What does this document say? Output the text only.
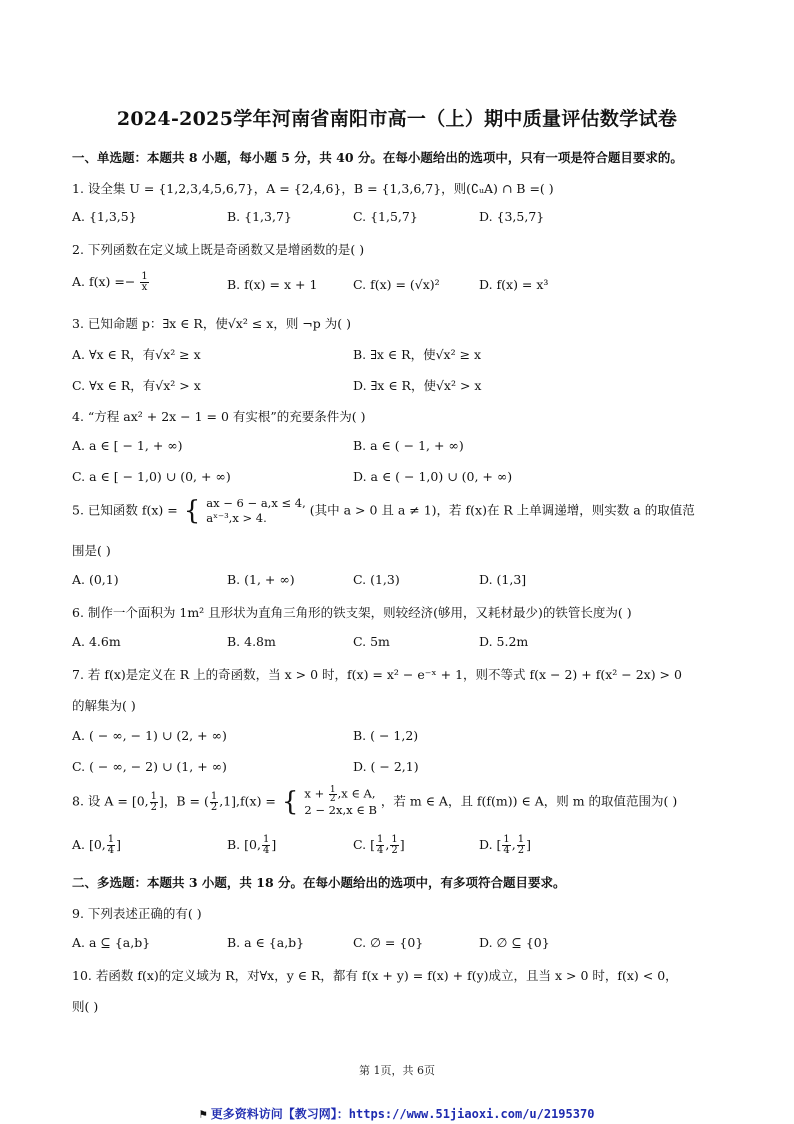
2024-2025学年河南省南阳市高一（上）期中质量评估数学试卷
一、单选题：本题共 8 小题，每小题 5 分，共 40 分。在每小题给出的选项中，只有一项是符合题目要求的。
1. 设全集 U = {1,2,3,4,5,6,7}，A = {2,4,6}，B = {1,3,6,7}，则(∁ᵤA) ∩ B =( )
A. {1,3,5}	B. {1,3,7}	C. {1,5,7}	D. {3,5,7}
2. 下列函数在定义域上既是奇函数又是增函数的是( )
A. $f(x) =- \frac{1}{x}$	B. f(x) = x + 1	C. f(x) = (√x)²	D. f(x) = x³
3. 已知命题 p：∃x ∈ R，使√x² ≤ x，则 ¬p 为( )
A. ∀x ∈ R，有√x² ≥ x	B. ∃x ∈ R，使√x² ≥ x
C. ∀x ∈ R，有√x² > x	D. ∃x ∈ R，使√x² > x
4. “方程 ax² + 2x − 1 = 0 有实根”的充要条件为( )
A. a ∈ [ − 1, + ∞)	B. a ∈ ( − 1, + ∞)
C. a ∈ [ − 1,0) ∪ (0, + ∞)	D. a ∈ ( − 1,0) ∪ (0, + ∞)
5. 已知函数 f(x) = { ax − 6 − a,x ≤ 4,
aˣ⁻³,x > 4.
(其中 a > 0 且 a ≠ 1)，若 f(x)在 R 上单调递增，则实数 a 的取值范
围是( )
A. (0,1)	B. (1, + ∞)	C. (1,3)	D. (1,3]
6. 制作一个面积为 1m² 且形状为直角三角形的铁支架，则较经济(够用，又耗材最少)的铁管长度为( )
A. 4.6m	B. 4.8m	C. 5m	D. 5.2m
7. 若 f(x)是定义在 R 上的奇函数，当 x > 0 时，f(x) = x² − e⁻ˣ + 1，则不等式 f(x − 2) + f(x² − 2x) > 0
的解集为( )
A. ( − ∞, − 1) ∪ (2, + ∞)	B. ( − 1,2)
C. ( − ∞, − 2) ∪ (1, + ∞)	D. ( − 2,1)
8. 设 A = [0, $\frac{1}{2}$ ]，B = ( $\frac{1}{2} ,1],f(x)$ = { $x + \frac{1}{2} ,x$ ∈ A,
2 − 2x,x ∈ B
，若 m ∈ A，且 f(f(m)) ∈ A，则 m 的取值范围为( )
A. [0, $\frac{1}{4}$ ]	B. [0, $\frac{1}{4}$ ]	C. [ $\frac{1}{4}$ , $\frac{1}{2}$ ]	D. [ $\frac{1}{4}$ , $\frac{1}{2}$ ]
二、多选题：本题共 3 小题，共 18 分。在每小题给出的选项中，有多项符合题目要求。
9. 下列表述正确的有( )
A. a ⊆ {a,b}	B. a ∈ {a,b}	C. ∅ = {0}	D. ∅ ⊆ {0}
10. 若函数 f(x)的定义域为 R，对∀x，y ∈ R，都有 f(x + y) = f(x) + f(y)成立，且当 x > 0 时，f(x) < 0，
则( )
第 1页，共 6页
⚑ 更多资料访问【教习网】：https://www.51jiaoxi.com/u/2195370
